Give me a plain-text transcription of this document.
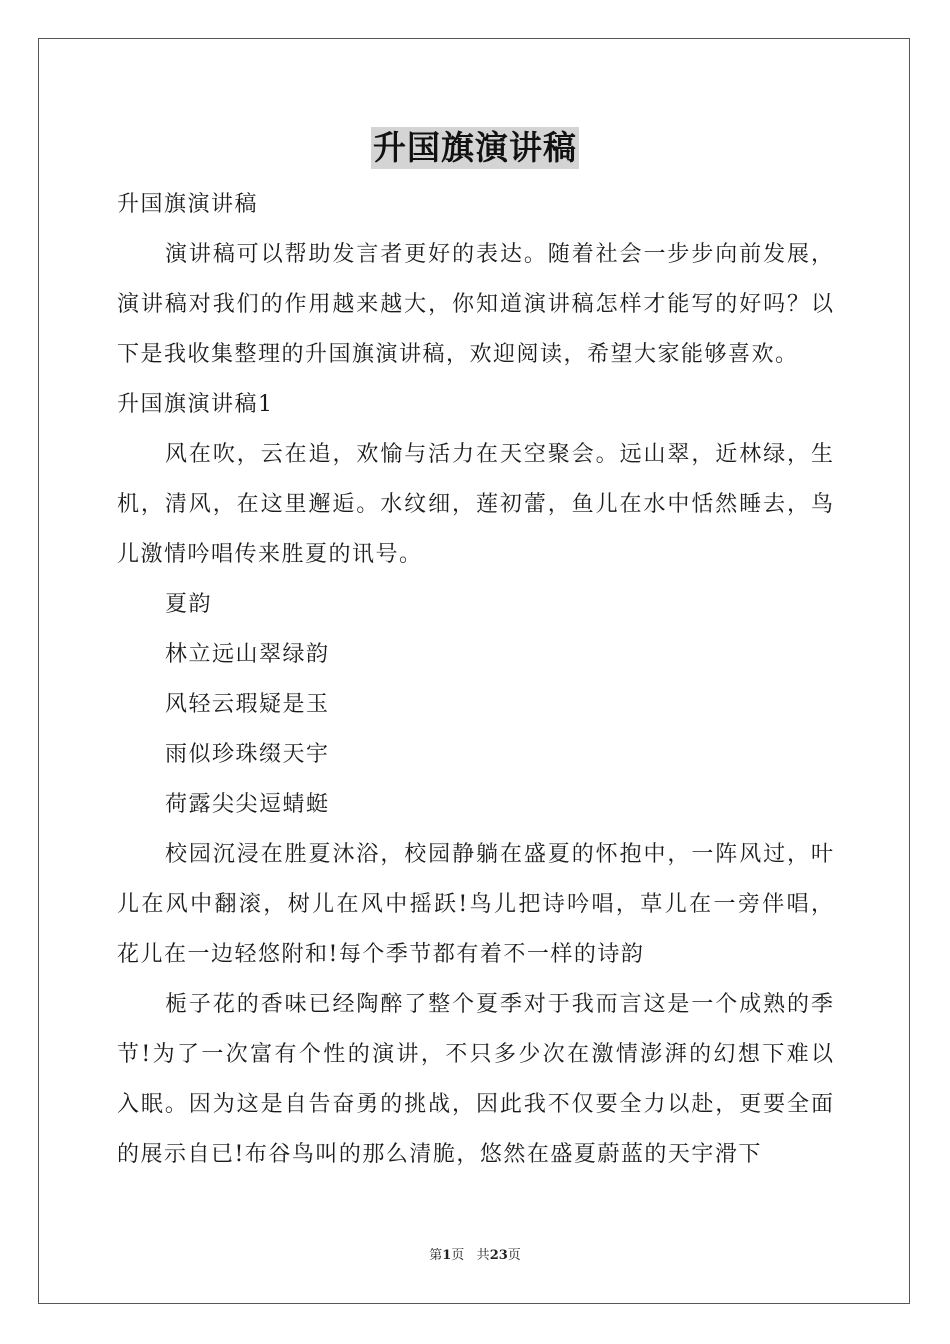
升国旗演讲稿
升国旗演讲稿
演讲稿可以帮助发言者更好的表达。随着社会一步步向前发展，
演讲稿对我们的作用越来越大，你知道演讲稿怎样才能写的好吗？以
下是我收集整理的升国旗演讲稿，欢迎阅读，希望大家能够喜欢。
升国旗演讲稿1
风在吹，云在追，欢愉与活力在天空聚会。远山翠，近林绿，生
机，清风，在这里邂逅。水纹细，莲初蕾，鱼儿在水中恬然睡去，鸟
儿激情吟唱传来胜夏的讯号。
夏韵
林立远山翠绿韵
风轻云瑕疑是玉
雨似珍珠缀天宇
荷露尖尖逗蜻蜓
校园沉浸在胜夏沐浴，校园静躺在盛夏的怀抱中，一阵风过，叶
儿在风中翻滚，树儿在风中摇跃!鸟儿把诗吟唱，草儿在一旁伴唱，
花儿在一边轻悠附和!每个季节都有着不一样的诗韵
栀子花的香味已经陶醉了整个夏季对于我而言这是一个成熟的季
节!为了一次富有个性的演讲，不只多少次在激情澎湃的幻想下难以
入眠。因为这是自告奋勇的挑战，因此我不仅要全力以赴，更要全面
的展示自已!布谷鸟叫的那么清脆，悠然在盛夏蔚蓝的天宇滑下
第1页 共23页
